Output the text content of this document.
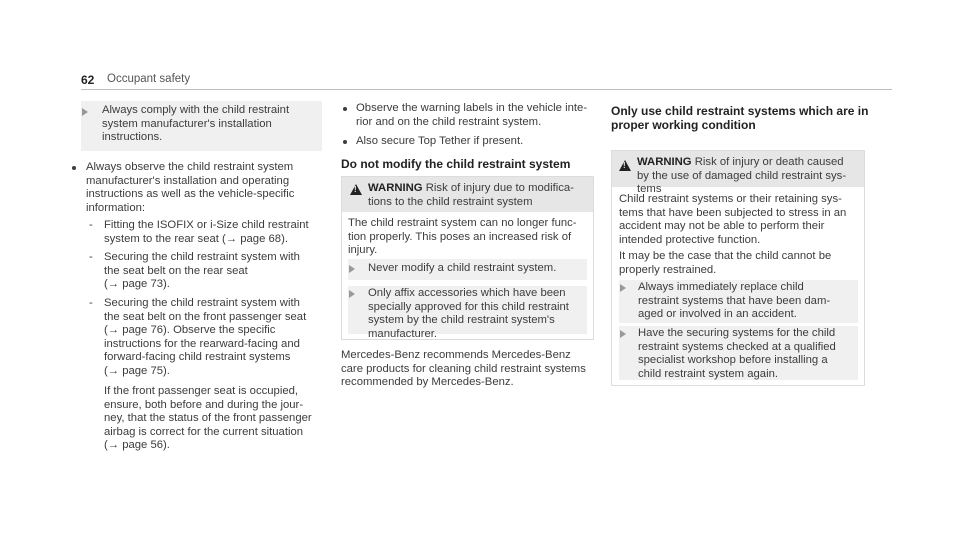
62 Occupant safety

Always comply with the child restraint

system manufacturer's installation

instructions.

Always observe the child restraint system

manufacturer's installation and operating

instructions as well as the vehicle-specific

information:

- Fitting the ISOFIX or i-Size child restraint

system to the rear seat (→ page 68).

- Securing the child restraint system with

the seat belt on the rear seat

(→ page 73).

- Securing the child restraint system with

the seat belt on the front passenger seat

(→ page 76). Observe the specific

instructions for the rearward-facing and

forward-facing child restraint systems

(→ page 75).

If the front passenger seat is occupied,

ensure, both before and during the jour-

ney, that the status of the front passenger

airbag is correct for the current situation

(→ page 56).

Observe the warning labels in the vehicle inte-

rior and on the child restraint system.

Also secure Top Tether if present.

Do not modify the child restraint system

!

WARNING Risk of injury due to modifica-

tions to the child restraint system

The child restraint system can no longer func-

tion properly. This poses an increased risk of

injury.

Never modify a child restraint system.

Only affix accessories which have been

specially approved for this child restraint

system by the child restraint system's

manufacturer.

Mercedes-Benz recommends Mercedes-Benz

care products for cleaning child restraint systems

recommended by Mercedes-Benz.

Only use child restraint systems which are in

proper working condition

!

WARNING Risk of injury or death caused

by the use of damaged child restraint sys-

tems

Child restraint systems or their retaining sys-

tems that have been subjected to stress in an

accident may not be able to perform their

intended protective function.

It may be the case that the child cannot be

properly restrained.

Always immediately replace child

restraint systems that have been dam-

aged or involved in an accident.

Have the securing systems for the child

restraint systems checked at a qualified

specialist workshop before installing a

child restraint system again.
